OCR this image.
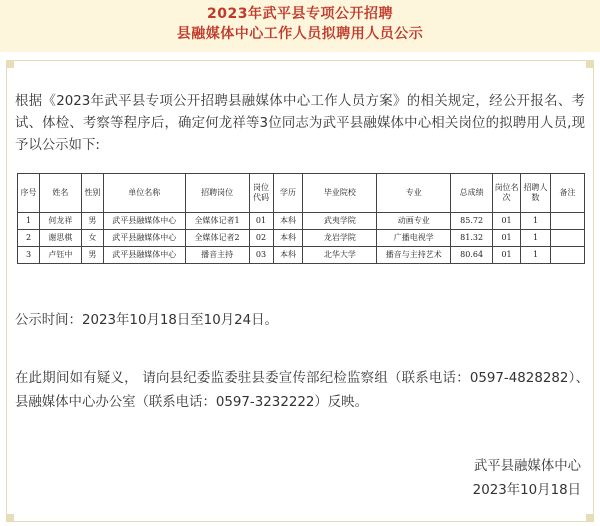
2023年武平县专项公开招聘
县融媒体中心工作人员拟聘用人员公示
根据《2023年武平县专项公开招聘县融媒体中心工作人员方案》的相关规定，经公开报名、考试、体检、考察等程序后，确定何龙祥等3位同志为武平县融媒体中心相关岗位的拟聘用人员,现予以公示如下:
序号	姓名	性别	单位名称	招聘岗位	岗位代码	学历	毕业院校	专业	总成绩	岗位名次	招聘人数	备注
1	何龙祥	男	武平县融媒体中心	全媒体记者1	01	本科	武夷学院	动画专业	85.72	01	1	
2	谢思棋	女	武平县融媒体中心	全媒体记者2	02	本科	龙岩学院	广播电视学	81.32	01	1	
3	卢钰中	男	武平县融媒体中心	播音主持	03	本科	北华大学	播音与主持艺术	80.64	01	1	
公示时间：2023年10月18日至10月24日。
在此期间如有疑义， 请向县纪委监委驻县委宣传部纪检监察组（联系电话：0597-4828282）、县融媒体中心办公室（联系电话：0597-3232222）反映。
武平县融媒体中心
2023年10月18日
